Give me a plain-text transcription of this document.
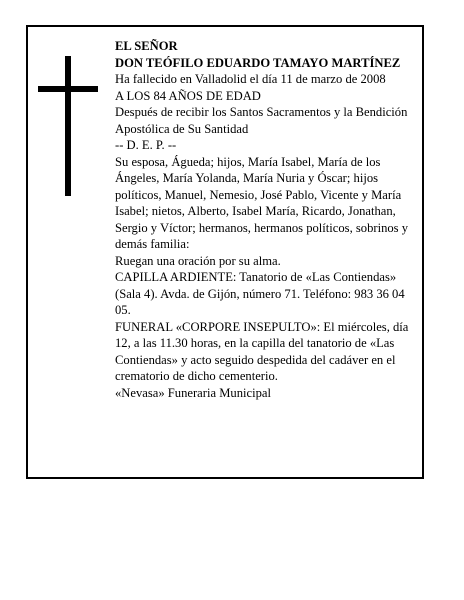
EL SEÑOR

DON TEÓFILO EDUARDO TAMAYO MARTÍNEZ

Ha fallecido en Valladolid el día 11 de marzo de 2008

A LOS 84 AÑOS DE EDAD

Después de recibir los Santos Sacramentos y la Bendición Apostólica de Su Santidad

-- D. E. P. --

Su esposa, Águeda; hijos, María Isabel, María de los Ángeles, María Yolanda, María Nuria y Óscar; hijos políticos, Manuel, Nemesio, José Pablo, Vicente y María Isabel; nietos, Alberto, Isabel María, Ricardo, Jonathan, Sergio y Víctor; hermanos, hermanos políticos, sobrinos y demás familia:

Ruegan una oración por su alma.

CAPILLA ARDIENTE: Tanatorio de «Las Contiendas» (Sala 4). Avda. de Gijón, número 71. Teléfono: 983 36 04 05.

FUNERAL «CORPORE INSEPULTO»: El miércoles, día 12, a las 11.30 horas, en la capilla del tanatorio de «Las Contiendas» y acto seguido despedida del cadáver en el crematorio de dicho cementerio.

«Nevasa» Funeraria Municipal
